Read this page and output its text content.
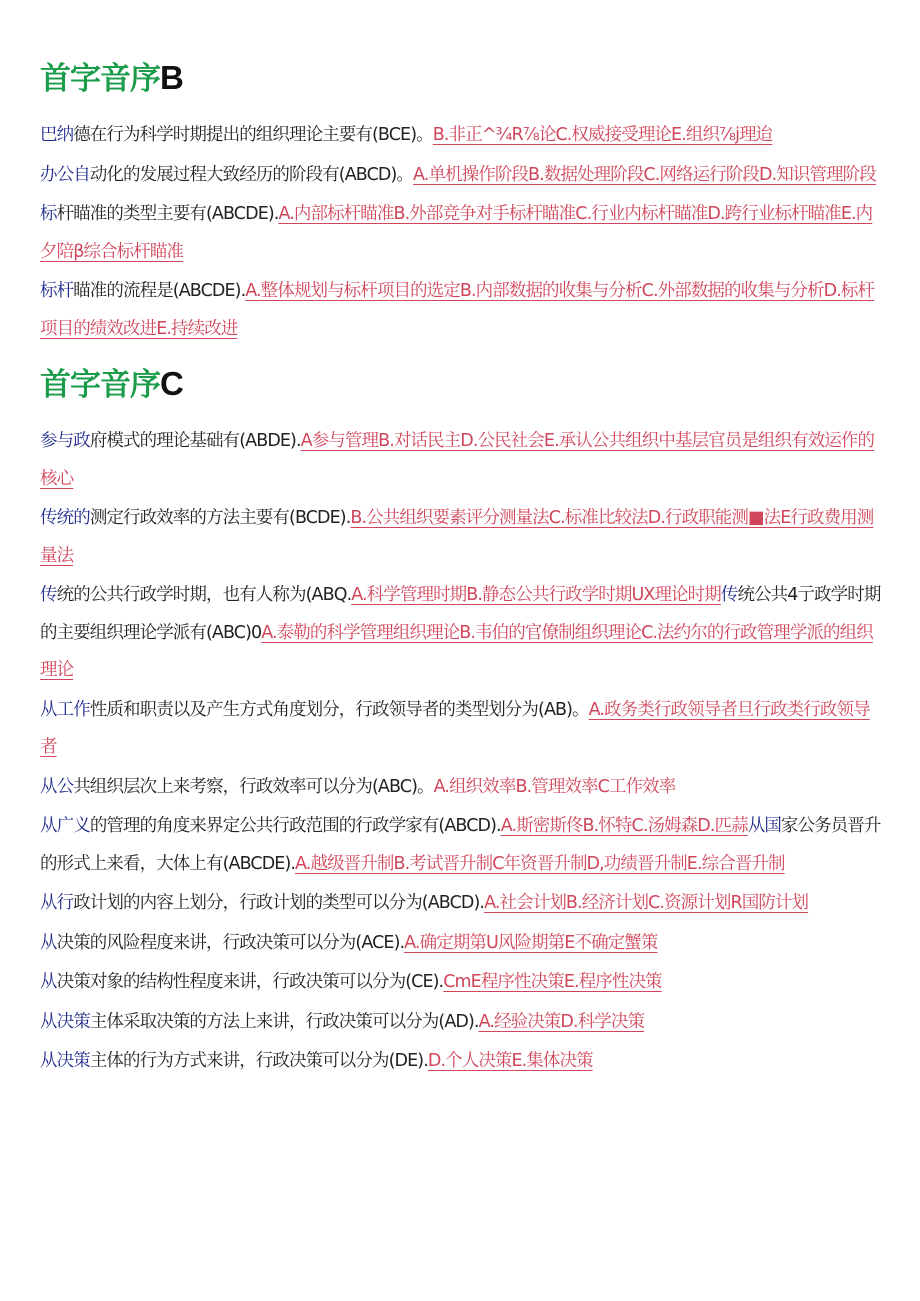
首字音序B

巴纳德在行为科学时期提出的组织理论主要有(BCE)。B.非正^¾R⅞论C.权威接受理论E.组织⅞j理迨

办公自动化的发展过程大致经历的阶段有(ABCD)。A.单机操作阶段B.数据处理阶段C.网络运行阶段D.知识管理阶段

标杆瞄准的类型主要有(ABCDE).A.内部标杆瞄准B.外部竞争对手标杆瞄准C.行业内标杆瞄准D.跨行业标杆瞄准E.内夕陪β综合标杆瞄准

标杆瞄准的流程是(ABCDE).A.整体规划与标杆项目的选定B.内部数据的收集与分析C.外部数据的收集与分析D.标杆项目的绩效改进E.持续改进

首字音序C

参与政府模式的理论基础有(ABDE).A参与管理B.对话民主D.公民社会E.承认公共组织中基层官员是组织有效运作的核心

传统的测定行政效率的方法主要有(BCDE).B.公共组织要素评分测量法C.标准比较法D.行政职能测■法E行政费用测量法

传统的公共行政学时期，也有人称为(ABQ.A.科学管理时期B.静态公共行政学时期UX理论时期传统公共4亍政学时期的主要组织理论学派有(ABC)0A.泰勒的科学管理组织理论B.韦伯的官僚制组织理论C.法约尔的行政管理学派的组织理论

从工作性质和职责以及产生方式角度划分，行政领导者的类型划分为(AB)。A.政务类行政领导者旦行政类行政领导者

从公共组织层次上来考察，行政效率可以分为(ABC)。A.组织效率B.管理效率C工作效率

从广义的管理的角度来界定公共行政范围的行政学家有(ABCD).A.斯密斯佟B.怀特C.汤姆森D.匹蒜从国家公务员晋升的形式上来看，大体上有(ABCDE).A.越级晋升制B.考试晋升制C年资晋升制D,功绩晋升制E.综合晋升制

从行政计划的内容上划分，行政计划的类型可以分为(ABCD).A.社会计划B.经济计划C.资源计划R国防计划

从决策的风险程度来讲，行政决策可以分为(ACE).A.确定期第U风险期第E不确定蟹策

从决策对象的结构性程度来讲，行政决策可以分为(CE).CmE程序性决策E.程序性决策

从决策主体采取决策的方法上来讲，行政决策可以分为(AD).A.经验决策D.科学决策

从决策主体的行为方式来讲，行政决策可以分为(DE).D.个人决策E.集体决策
